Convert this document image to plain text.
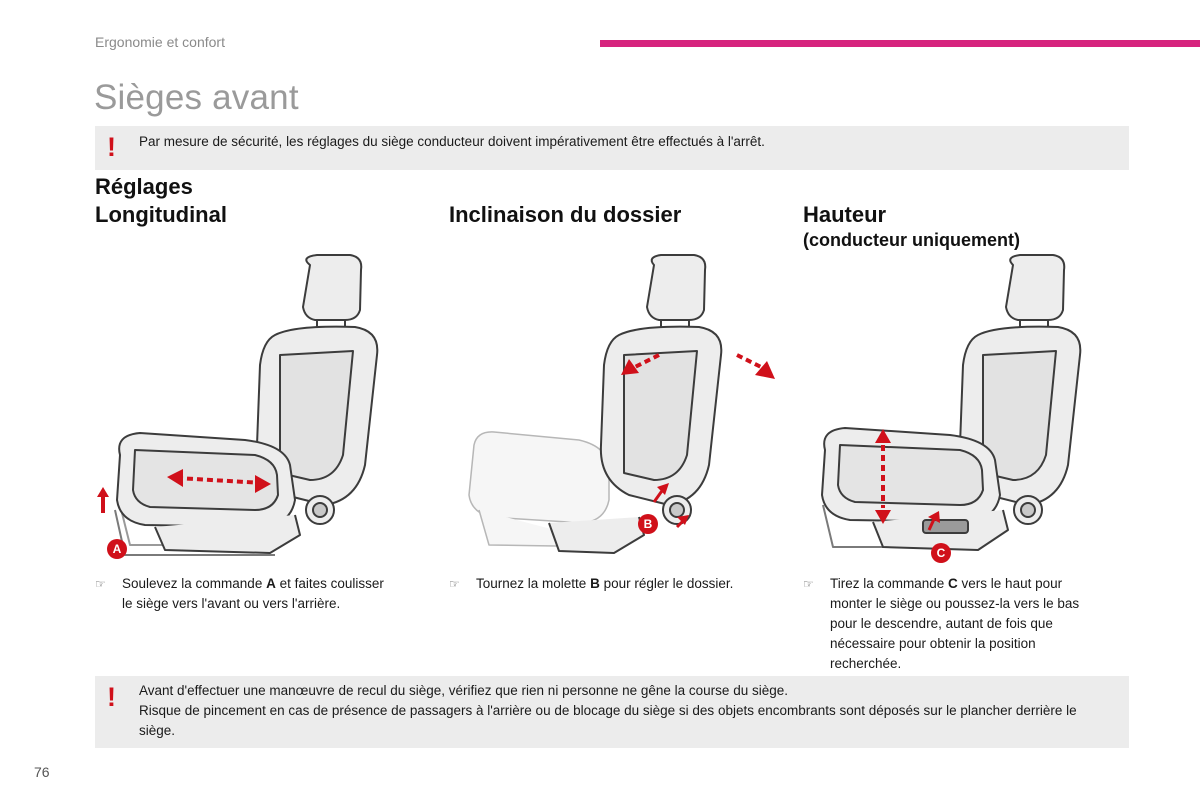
Ergonomie et confort
Sièges avant
! Par mesure de sécurité, les réglages du siège conducteur doivent impérativement être effectués à l'arrêt.
Réglages
Longitudinal	Inclinaison du dossier	Hauteur
(conducteur uniquement)
A
B
C
☞ Soulevez la commande A et faites coulisser le siège vers l'avant ou vers l'arrière.
☞ Tournez la molette B pour régler le dossier.	☞ Tirez la commande C vers le haut pour monter le siège ou poussez-la vers le bas pour le descendre, autant de fois que nécessaire pour obtenir la position recherchée.
! Avant d'effectuer une manœuvre de recul du siège, vérifiez que rien ni personne ne gêne la course du siège.
Risque de pincement en cas de présence de passagers à l'arrière ou de blocage du siège si des objets encombrants sont déposés sur le plancher derrière le siège.
76
